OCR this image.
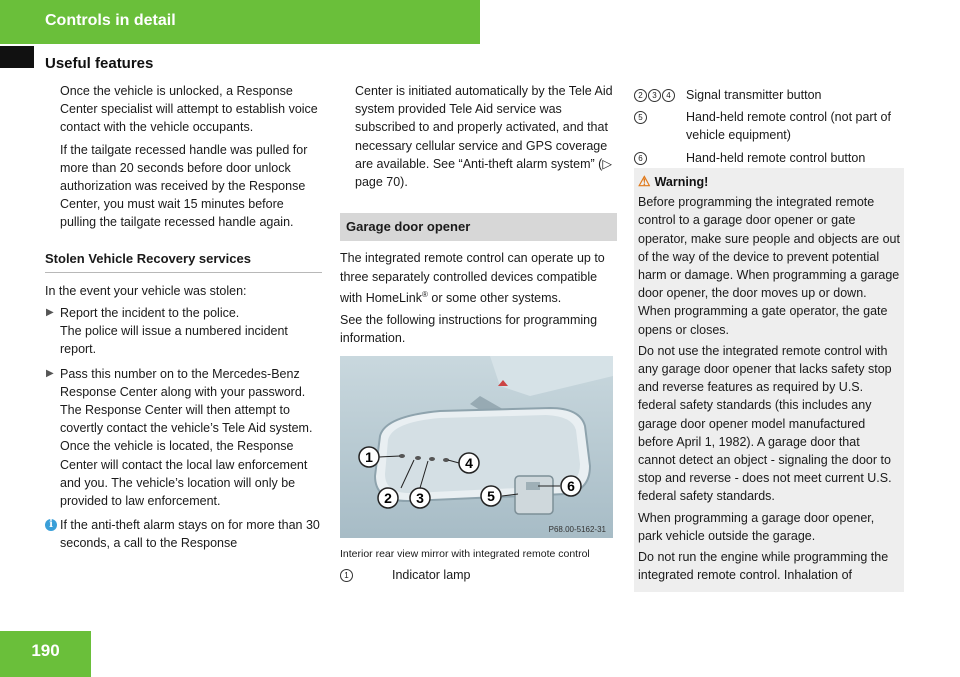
Controls in detail
Useful features

Once the vehicle is unlocked, a Response Center specialist will attempt to establish voice contact with the vehicle occupants.

If the tailgate recessed handle was pulled for more than 20 seconds before door unlock authorization was received by the Response Center, you must wait 15 minutes before pulling the tailgate recessed handle again.

Stolen Vehicle Recovery services

In the event your vehicle was stolen:

▶ Report the incident to the police.

The police will issue a numbered incident report.

▶ Pass this number on to the Mercedes-Benz Response Center along with your password.

The Response Center will then attempt to covertly contact the vehicle’s Tele Aid system. Once the vehicle is located, the Response Center will contact the local law enforcement and you. The vehicle’s location will only be provided to law enforcement.

i If the anti-theft alarm stays on for more than 30 seconds, a call to the Response

Center is initiated automatically by the Tele Aid system provided Tele Aid service was subscribed to and properly activated, and that necessary cellular service and GPS coverage are available. See “Anti-theft alarm system” (▷ page 70).

Garage door opener

The integrated remote control can operate up to three separately controlled devices compatible with HomeLink® or some other systems.

See the following instructions for programming information.

1
2 3
4
5
6
P68.00-5162-31
Interior rear view mirror with integrated remote control
1	Indicator lamp
2 3 4	Signal transmitter button
5	Hand-held remote control (not part of vehicle equipment)
6	Hand-held remote control button
⚠ Warning!

Before programming the integrated remote control to a garage door opener or gate operator, make sure people and objects are out of the way of the device to prevent potential harm or damage. When programming a garage door opener, the door moves up or down. When programming a gate operator, the gate opens or closes.

Do not use the integrated remote control with any garage door opener that lacks safety stop and reverse features as required by U.S. federal safety standards (this includes any garage door opener model manufactured before April 1, 1982). A garage door that cannot detect an object - signaling the door to stop and reverse - does not meet current U.S. federal safety standards.

When programming a garage door opener, park vehicle outside the garage.

Do not run the engine while programming the integrated remote control. Inhalation of

190
